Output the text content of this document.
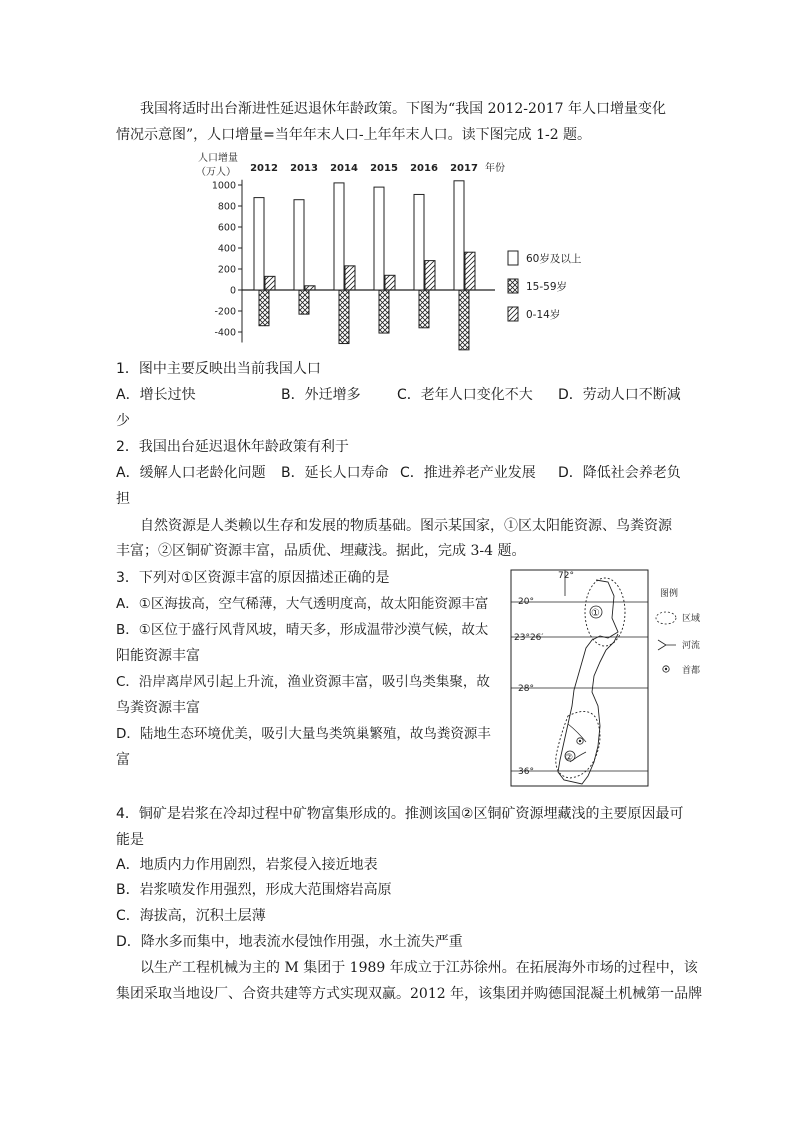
我国将适时出台渐进性延迟退休年龄政策。下图为“我国 2012-2017 年人口增量变化
情况示意图”，人口增量=当年年末人口-上年年末人口。读下图完成 1-2 题。
人口增量
（万人）
1000
800
600
400
200
0
-200
-400
2012 2013 2014 2015 2016 2017 年份
60岁及以上
15-59岁
0-14岁
1．图中主要反映出当前我国人口
A．增长过快	B．外迁增多	C．老年人口变化不大 D．劳动人口不断减
少
2．我国出台延迟退休年龄政策有利于
A．缓解人口老龄化问题 B．延长人口寿命 C．推进养老产业发展 D．降低社会养老负
担
自然资源是人类赖以生存和发展的物质基础。图示某国家，①区太阳能资源、鸟粪资源
丰富；②区铜矿资源丰富，品质优、埋藏浅。据此，完成 3-4 题。
3．下列对①区资源丰富的原因描述正确的是
A．①区海拔高，空气稀薄，大气透明度高，故太阳能资源丰富
B．①区位于盛行风背风坡，晴天多，形成温带沙漠气候，故太
阳能资源丰富
C．沿岸离岸风引起上升流，渔业资源丰富，吸引鸟类集聚，故
鸟粪资源丰富
D．陆地生态环境优美，吸引大量鸟类筑巢繁殖，故鸟粪资源丰
富
72°
20°
23°26′
28°
36°
①
②
图例
区域
河流
首都
4．铜矿是岩浆在冷却过程中矿物富集形成的。推测该国②区铜矿资源埋藏浅的主要原因最可
能是
A．地质内力作用剧烈，岩浆侵入接近地表
B．岩浆喷发作用强烈，形成大范围熔岩高原
C．海拔高，沉积土层薄
D．降水多而集中，地表流水侵蚀作用强，水土流失严重
以生产工程机械为主的 M 集团于 1989 年成立于江苏徐州。在拓展海外市场的过程中，该
集团采取当地设厂、合资共建等方式实现双赢。2012 年，该集团并购德国混凝土机械第一品牌
